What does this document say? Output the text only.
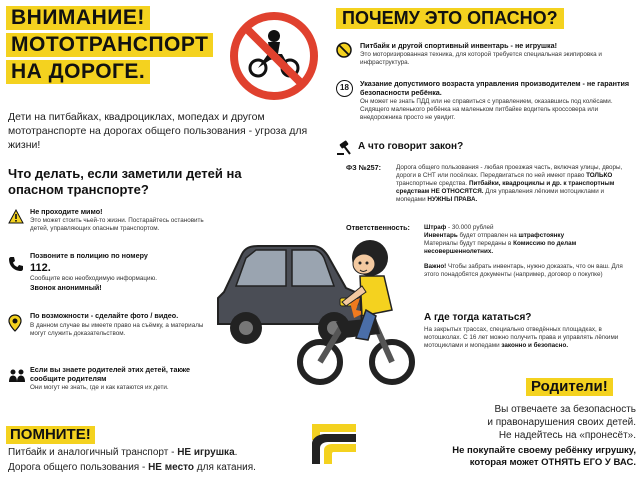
ВНИМАНИЕ!
МОТОТРАНСПОРТ
НА ДОРОГЕ.
Дети на питбайках, квадроциклах, мопедах и другом мототранспорте на дорогах общего пользования - угроза для жизни!
Что делать, если заметили детей на опасном транспорте?
Не проходите мимо!
Это может стоить чьей-то жизни. Постарайтесь остановить детей, управляющих опасным транспортом.
Позвоните в полицию по номеру
112.
Сообщите всю необходимую информацию.
Звонок анонимный!
По возможности - сделайте фото / видео.
В данном случае вы имеете право на съёмку, а материалы могут служить доказательством.
Если вы знаете родителей этих детей, также сообщите родителям
Они могут не знать, где и как катаются их дети.
ПОМНИТЕ!
Питбайк и аналогичный транспорт - НЕ игрушка.
Дорога общего пользования - НЕ место для катания.
ПОЧЕМУ ЭТО ОПАСНО?
Питбайк и другой спортивный инвентарь - не игрушка!
Это моторизированная техника, для которой требуется специальная экипировка и инфраструктура.
18	Указание допустимого возраста управления производителем - не гарантия безопасности ребёнка.
Он может не знать ПДД или не справиться с управлением, оказавшись под колёсами. Сидящего маленького ребёнка на маленьком питбайке водитель кроссовера или внедорожника просто не увидит.
А что говорит закон?
ФЗ №257: Дорога общего пользования - любая проезжая часть, включая улицы, дворы, дороги в СНТ или посёлках. Передвигаться по ней имеют право ТОЛЬКО транспортные средства. Питбайки, квадроциклы и др. к транспортным средствам НЕ ОТНОСЯТСЯ. Для управления лёгкими мотоциклами и мопедами НУЖНЫ ПРАВА.
Ответственность: Штраф - 30.000 рублей
Инвентарь будет отправлен на штрафстоянку
Материалы будут переданы в Комиссию по делам несовершеннолетних.
Важно! Чтобы забрать инвентарь, нужно доказать, что он ваш. Для этого понадобятся документы (например, договор о покупке)
А где тогда кататься?
На закрытых трассах, специально отведённых площадках, в мотошколах. С 16 лет можно получить права и управлять лёгкими мотоциклами и мопедами законно и безопасно.
Родители!
Вы отвечаете за безопасность
и правонарушения своих детей.
Не надейтесь на «пронесёт».
Не покупайте своему ребёнку игрушку,
которая может ОТНЯТЬ ЕГО У ВАС.
